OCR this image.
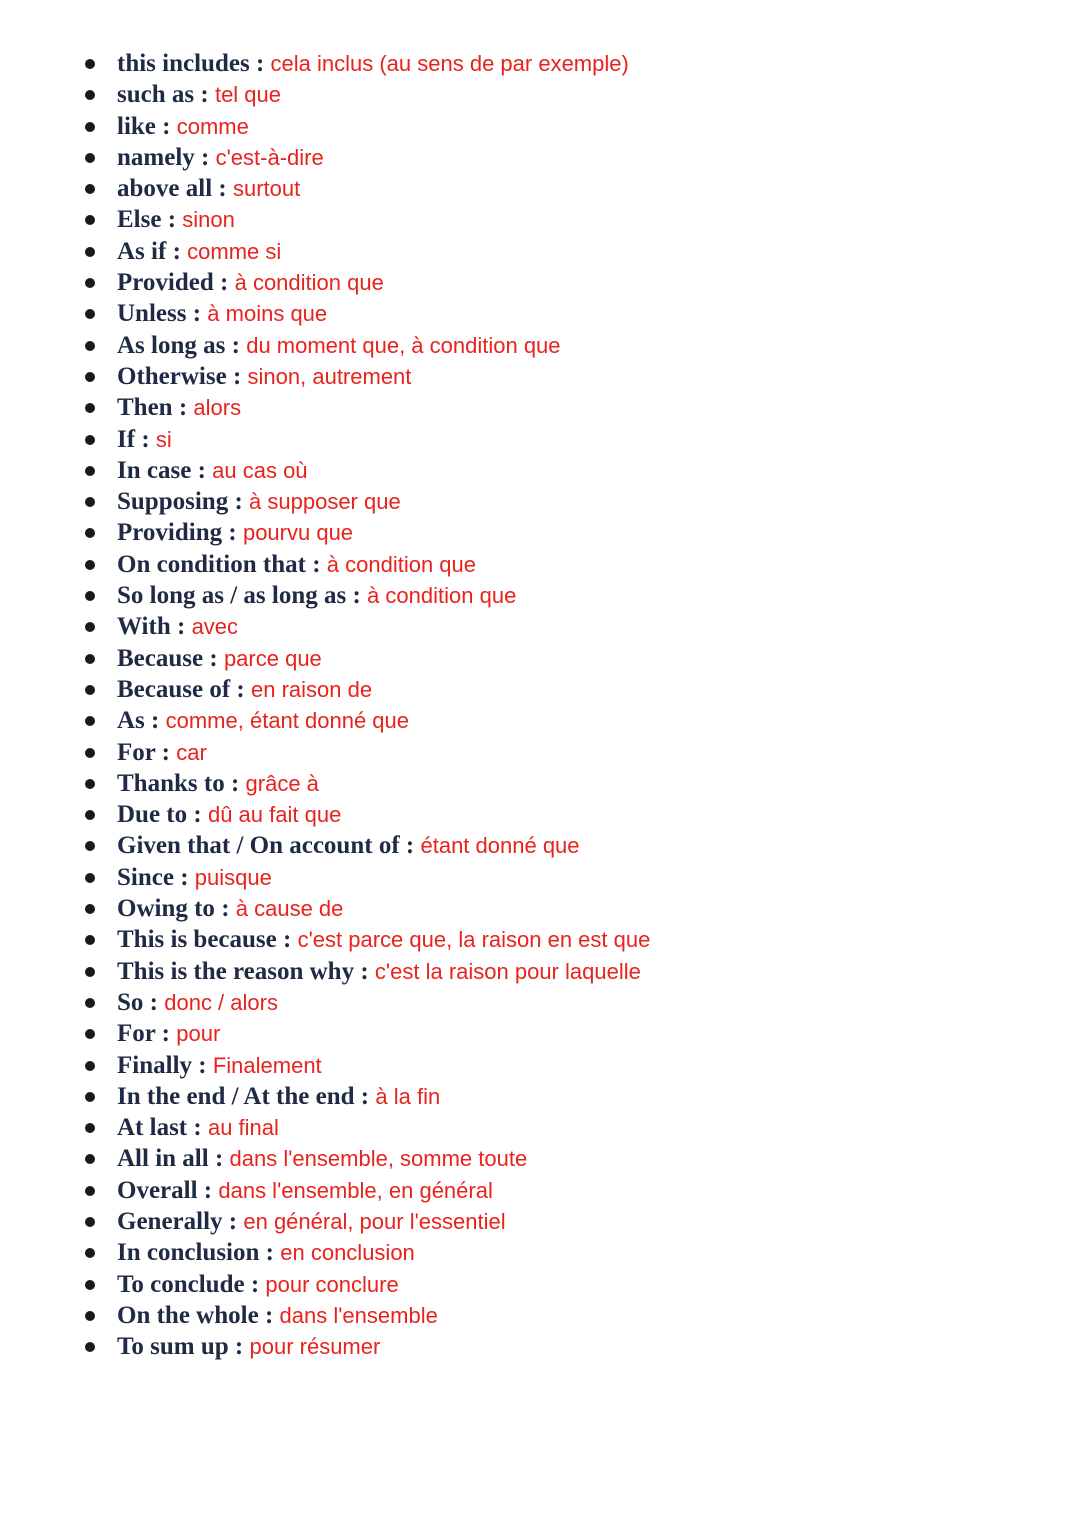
this includes : cela inclus (au sens de par exemple)
such as : tel que
like : comme
namely : c'est-à-dire
above all : surtout
Else : sinon
As if : comme si
Provided : à condition que
Unless : à moins que
As long as : du moment que, à condition que
Otherwise : sinon, autrement
Then : alors
If : si
In case : au cas où
Supposing : à supposer que
Providing : pourvu que
On condition that : à condition que
So long as / as long as : à condition que
With : avec
Because : parce que
Because of : en raison de
As : comme, étant donné que
For : car
Thanks to : grâce à
Due to : dû au fait que
Given that / On account of : étant donné que
Since : puisque
Owing to : à cause de
This is because : c'est parce que, la raison en est que
This is the reason why : c'est la raison pour laquelle
So : donc / alors
For : pour
Finally : Finalement
In the end / At the end : à la fin
At last : au final
All in all : dans l'ensemble, somme toute
Overall : dans l'ensemble, en général
Generally : en général, pour l'essentiel
In conclusion : en conclusion
To conclude : pour conclure
On the whole : dans l'ensemble
To sum up : pour résumer
